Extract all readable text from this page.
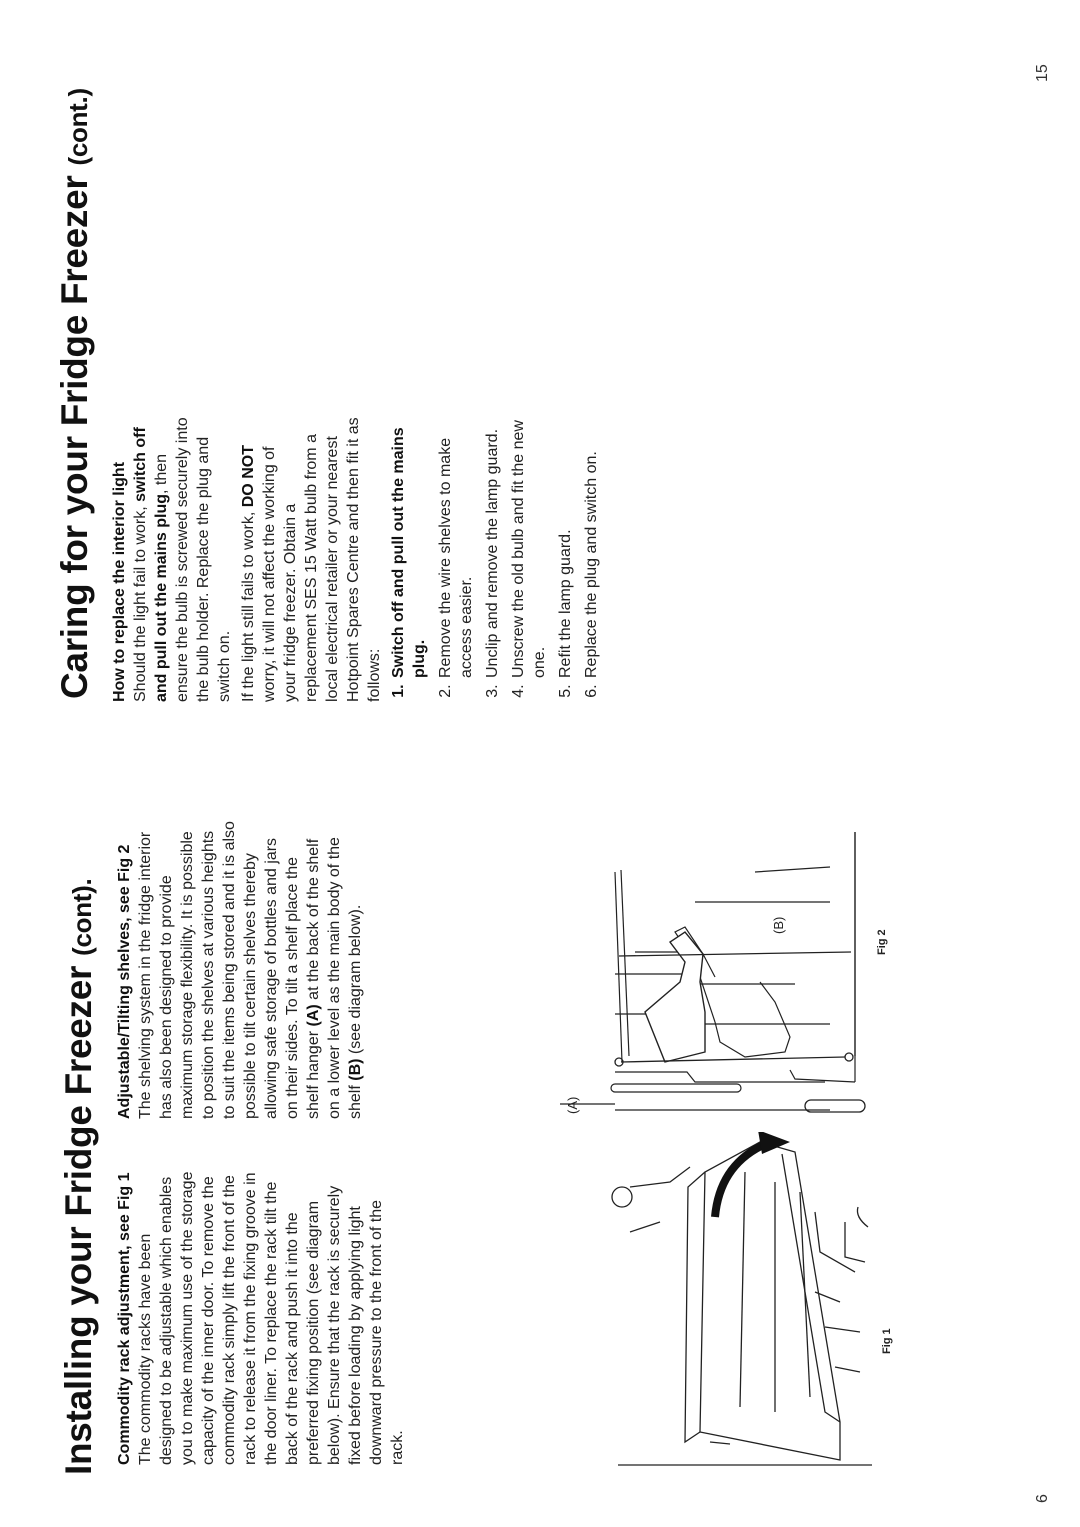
6
Installing your Fridge Freezer (cont).
Commodity rack adjustment, see Fig 1 The commodity racks have been designed to be adjustable which enables you to make maximum use of the storage capacity of the inner door. To remove the commodity rack simply lift the front of the rack to release it from the fixing groove in the door liner. To replace the rack tilt the back of the rack and push it into the preferred fixing position (see diagram below). Ensure that the rack is securely fixed before loading by applying light downward pressure to the front of the rack.

Adjustable/Tilting shelves, see Fig 2 The shelving system in the fridge interior has also been designed to provide maximum storage flexibility. It is possible to position the shelves at various heights to suit the items being stored and it is also possible to tilt certain shelves thereby allowing safe storage of bottles and jars on their sides. To tilt a shelf place the shelf hanger (A) at the back of the shelf on a lower level as the main body of the shelf (B) (see diagram below).

Fig 1
(A)
(B)
Fig 2
Caring for your Fridge Freezer (cont.)
How to replace the interior light Should the light fail to work, switch off and pull out the mains plug, then ensure the bulb is screwed securely into the bulb holder. Replace the plug and switch on. If the light still fails to work, DO NOT worry, it will not affect the working of your fridge freezer. Obtain a replacement SES 15 Watt bulb from a local electrical retailer or your nearest Hotpoint Spares Centre and then fit it as follows: 1. Switch off and pull out the mains plug. 2. Remove the wire shelves to make access easier. 3. Unclip and remove the lamp guard. 4. Unscrew the old bulb and fit the new one. 5. Refit the lamp guard. 6. Replace the plug and switch on.
15
